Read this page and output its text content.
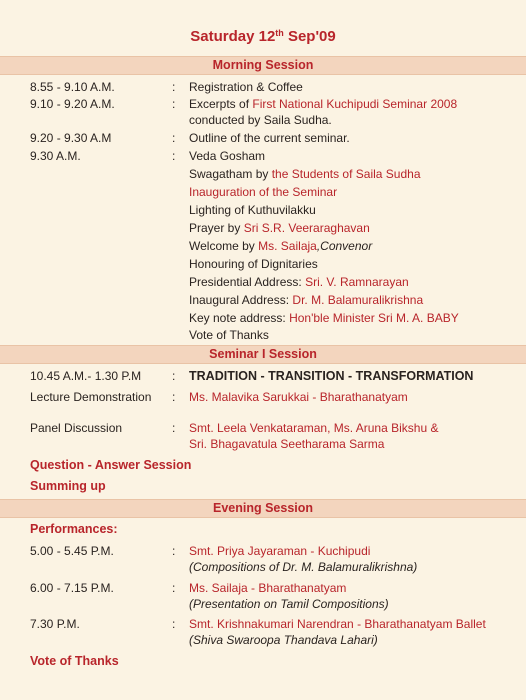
Saturday 12th Sep'09
Morning Session
8.55 - 9.10 A.M.	: Registration & Coffee
9.10 - 9.20 A.M.	: Excerpts of First National Kuchipudi Seminar 2008
conducted by Saila Sudha.
9.20 - 9.30 A.M	: Outline of the current seminar.
9.30 A.M.	: Veda Gosham
Swagatham by the Students of Saila Sudha
Inauguration of the Seminar
Lighting of Kuthuvilakku
Prayer by Sri S.R. Veeraraghavan
Welcome by Ms. Sailaja,Convenor
Honouring of Dignitaries
Presidential Address: Sri. V. Ramnarayan
Inaugural Address: Dr. M. Balamuralikrishna
Key note address: Hon'ble Minister Sri M. A. BABY
Vote of Thanks
Seminar I Session
10.45 A.M.- 1.30 P.M	: TRADITION - TRANSITION - TRANSFORMATION
Lecture Demonstration : Ms. Malavika Sarukkai - Bharathanatyam
Panel Discussion	: Smt. Leela Venkataraman, Ms. Aruna Bikshu &
Sri. Bhagavatula Seetharama Sarma
Question - Answer Session
Summing up
Evening Session
Performances:
5.00 - 5.45 P.M.	: Smt. Priya Jayaraman - Kuchipudi
(Compositions of Dr. M. Balamuralikrishna)
6.00 - 7.15 P.M.	: Ms. Sailaja - Bharathanatyam
(Presentation on Tamil Compositions)
7.30 P.M.	: Smt. Krishnakumari Narendran - Bharathanatyam Ballet
(Shiva Swaroopa Thandava Lahari)
Vote of Thanks
